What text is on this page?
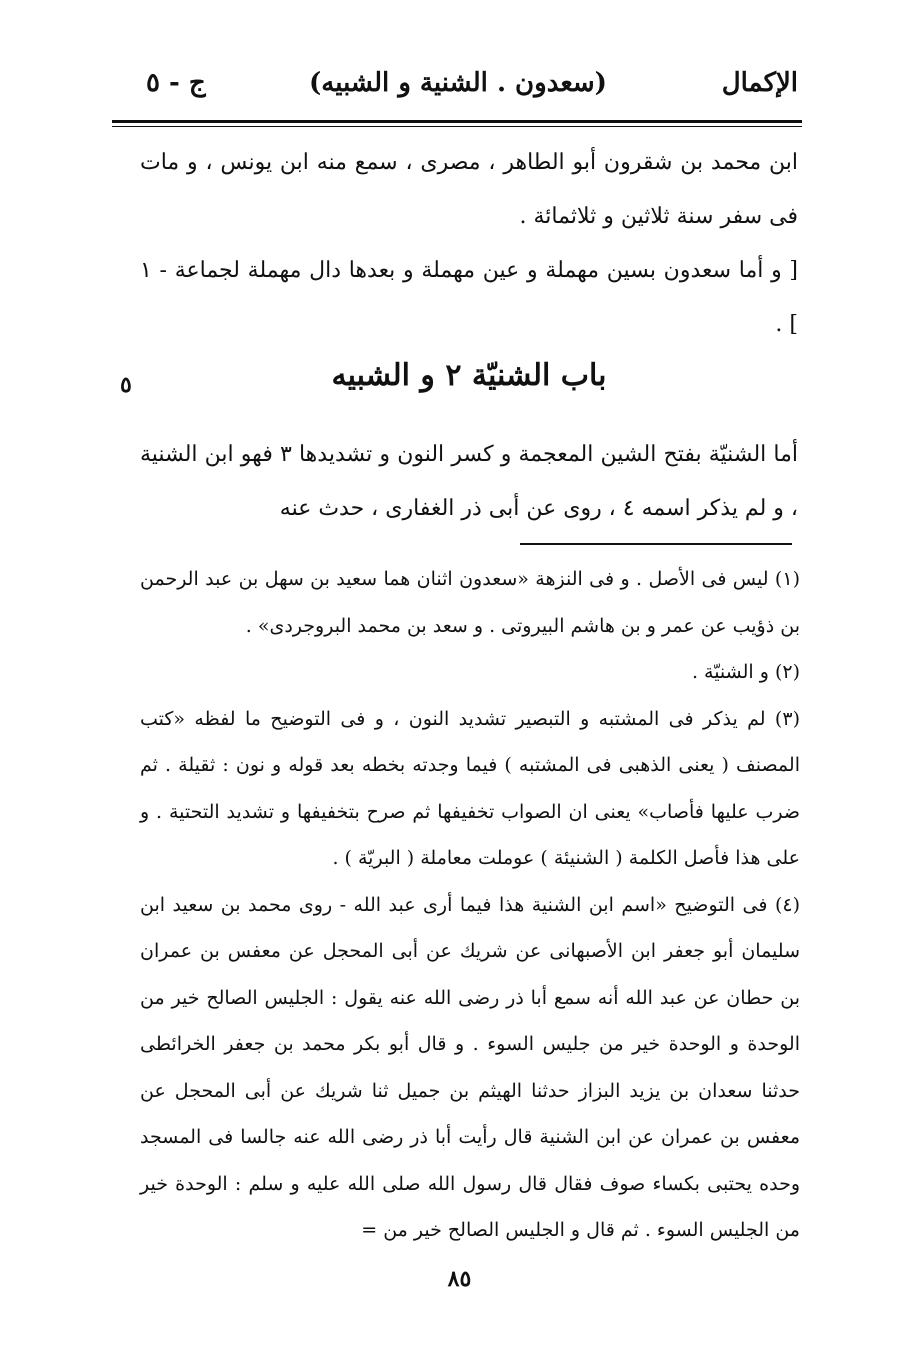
الإكمال
(سعدون . الشنية و الشبيه)
ج - ٥

ابن محمد بن شقرون أبو الطاهر ، مصرى ، سمع منه ابن يونس ، و مات فى سفر سنة ثلاثين و ثلاثمائة .

[ و أما سعدون بسين مهملة و عين مهملة و بعدها دال مهملة لجماعة - ١ ] .

باب الشنيّة ٢ و الشبيه
٥

أما الشنيّة بفتح الشين المعجمة و كسر النون و تشديدها ٣ فهو ابن الشنية ، و لم يذكر اسمه ٤ ، روى عن أبى ذر الغفارى ، حدث عنه

(١) ليس فى الأصل . و فى النزهة «سعدون اثنان هما سعيد بن سهل بن عبد الرحمن بن ذؤيب عن عمر و بن هاشم البيروتى . و سعد بن محمد البروجردى» .

(٢) و الشنيّة .

(٣) لم يذكر فى المشتبه و التبصير تشديد النون ، و فى التوضيح ما لفظه «كتب المصنف ( يعنى الذهبى فى المشتبه ) فيما وجدته بخطه بعد قوله و نون : ثقيلة . ثم ضرب عليها فأصاب» يعنى ان الصواب تخفيفها ثم صرح بتخفيفها و تشديد التحتية . و على هذا فأصل الكلمة ( الشنيئة ) عوملت معاملة ( البريّة ) .

(٤) فى التوضيح «اسم ابن الشنية هذا فيما أرى عبد الله - روى محمد بن سعيد ابن سليمان أبو جعفر ابن الأصبهانى عن شريك عن أبى المحجل عن معفس بن عمران بن حطان عن عبد الله أنه سمع أبا ذر رضى الله عنه يقول : الجليس الصالح خير من الوحدة و الوحدة خير من جليس السوء . و قال أبو بكر محمد بن جعفر الخرائطى حدثنا سعدان بن يزيد البزاز حدثنا الهيثم بن جميل ثنا شريك عن أبى المحجل عن معفس بن عمران عن ابن الشنية قال رأيت أبا ذر رضى الله عنه جالسا فى المسجد وحده يحتبى بكساء صوف فقال قال رسول الله صلى الله عليه و سلم : الوحدة خير من الجليس السوء . ثم قال و الجليس الصالح خير من =

٨٥
